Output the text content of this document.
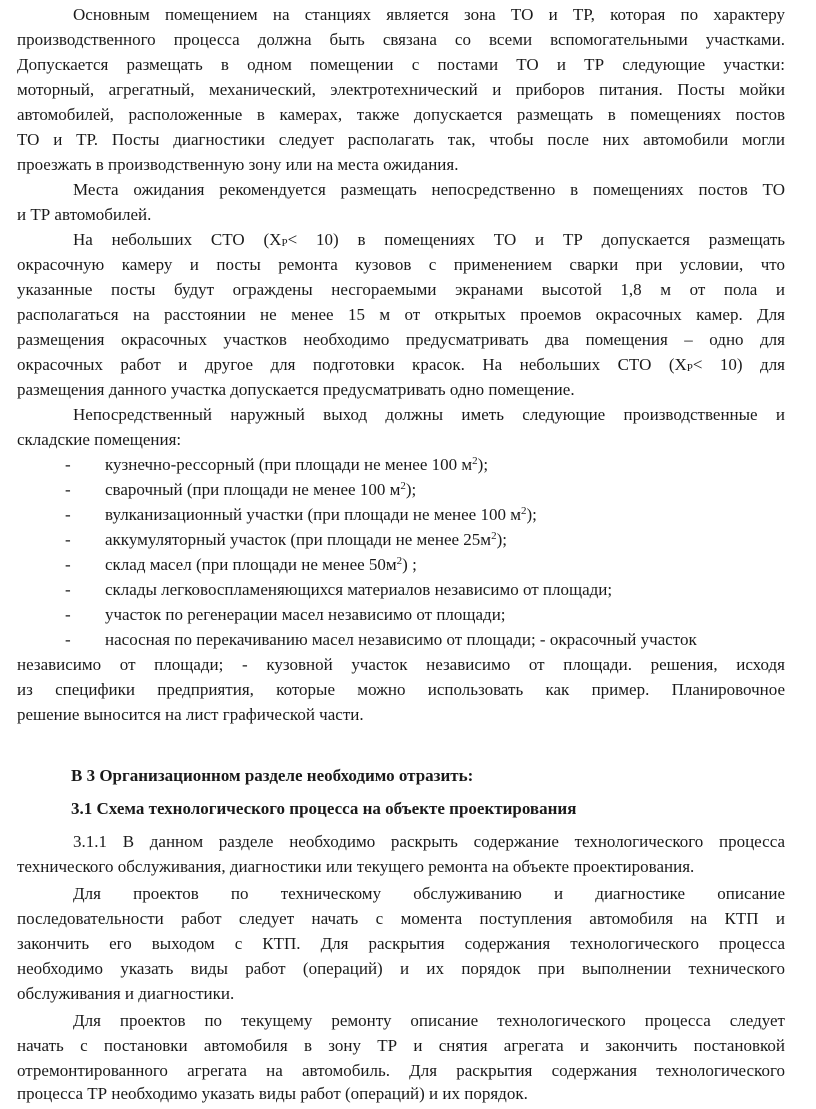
Основным помещением на станциях является зона ТО и ТР, которая по характеру
производственного процесса должна быть связана со всеми вспомогательными участками.
Допускается размещать в одном помещении с постами ТО и ТР следующие участки:
моторный, агрегатный, механический, электротехнический и приборов питания. Посты мойки
автомобилей, расположенные в камерах, также допускается размещать в помещениях постов
ТО и ТР. Посты диагностики следует располагать так, чтобы после них автомобили могли
проезжать в производственную зону или на места ожидания.
Места ожидания рекомендуется размещать непосредственно в помещениях постов ТО
и ТР автомобилей.
На небольших СТО $(Х_Р< 10)$ в помещениях ТО и ТР допускается размещать
окрасочную камеру и посты ремонта кузовов с применением сварки при условии, что
указанные посты будут ограждены несгораемыми экранами высотой 1,8 м от пола и
располагаться на расстоянии не менее 15 м от открытых проемов окрасочных камер. Для
размещения окрасочных участков необходимо предусматривать два помещения – одно для
окрасочных работ и другое для подготовки красок. На небольших СТО $(Х_Р< 10)$ для
размещения данного участка допускается предусматривать одно помещение.
Непосредственный наружный выход должны иметь следующие производственные и
складские помещения:
- кузнечно-рессорный (при площади не менее 100 $м^2$);
- сварочный (при площади не менее 100 $м^2$);
- вулканизационный участки (при площади не менее 100 $м^2$);
- аккумуляторный участок (при площади не менее $25м^2$);
- склад масел (при площади не менее $50м^2$) ;
- склады легковоспламеняющихся материалов независимо от площади;
- участок по регенерации масел независимо от площади;
- насосная по перекачиванию масел независимо от площади; - окрасочный участок
независимо от площади; - кузовной участок независимо от площади. решения, исходя
из специфики предприятия, которые можно использовать как пример. Планировочное
решение выносится на лист графической части.
В 3 Организационном разделе необходимо отразить:
3.1 Схема технологического процесса на объекте проектирования
3.1.1 В данном разделе необходимо раскрыть содержание технологического процесса
технического обслуживания, диагностики или текущего ремонта на объекте проектирования.
Для проектов по техническому обслуживанию и диагностике описание
последовательности работ следует начать с момента поступления автомобиля на КТП и
закончить его выходом с КТП. Для раскрытия содержания технологического процесса
необходимо указать виды работ (операций) и их порядок при выполнении технического
обслуживания и диагностики.
Для проектов по текущему ремонту описание технологического процесса следует
начать с постановки автомобиля в зону ТР и снятия агрегата и закончить постановкой
отремонтированного агрегата на автомобиль. Для раскрытия содержания технологического
процесса ТР необходимо указать виды работ (операций) и их порядок.
